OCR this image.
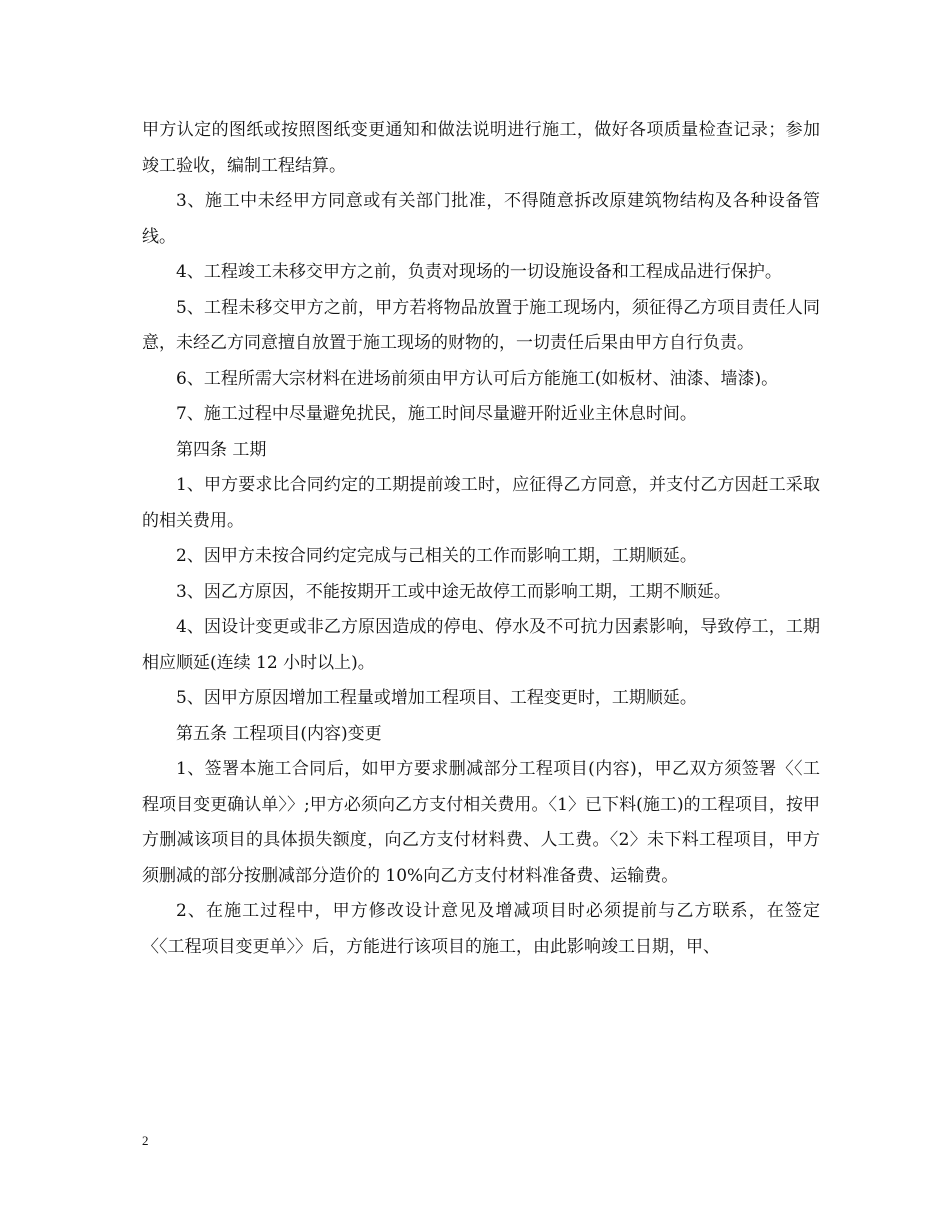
甲方认定的图纸或按照图纸变更通知和做法说明进行施工，做好各项质量检查记录；参加竣工验收，编制工程结算。

3、施工中未经甲方同意或有关部门批准，不得随意拆改原建筑物结构及各种设备管线。

4、工程竣工未移交甲方之前，负责对现场的一切设施设备和工程成品进行保护。

5、工程未移交甲方之前，甲方若将物品放置于施工现场内，须征得乙方项目责任人同意，未经乙方同意擅自放置于施工现场的财物的，一切责任后果由甲方自行负责。

6、工程所需大宗材料在进场前须由甲方认可后方能施工(如板材、油漆、墙漆)。

7、施工过程中尽量避免扰民，施工时间尽量避开附近业主休息时间。

第四条 工期

1、甲方要求比合同约定的工期提前竣工时，应征得乙方同意，并支付乙方因赶工采取的相关费用。

2、因甲方未按合同约定完成与己相关的工作而影响工期，工期顺延。

3、因乙方原因，不能按期开工或中途无故停工而影响工期，工期不顺延。

4、因设计变更或非乙方原因造成的停电、停水及不可抗力因素影响，导致停工，工期相应顺延(连续 12 小时以上)。

5、因甲方原因增加工程量或增加工程项目、工程变更时，工期顺延。

第五条 工程项目(内容)变更

1、签署本施工合同后，如甲方要求删减部分工程项目(内容)，甲乙双方须签署〈〈工程项目变更确认单〉〉;甲方必须向乙方支付相关费用。〈1〉已下料(施工)的工程项目，按甲方删减该项目的具体损失额度，向乙方支付材料费、人工费。〈2〉未下料工程项目，甲方须删减的部分按删减部分造价的 10%向乙方支付材料准备费、运输费。

2、在施工过程中，甲方修改设计意见及增减项目时必须提前与乙方联系，在签定〈〈工程项目变更单〉〉后，方能进行该项目的施工，由此影响竣工日期，甲、

2
